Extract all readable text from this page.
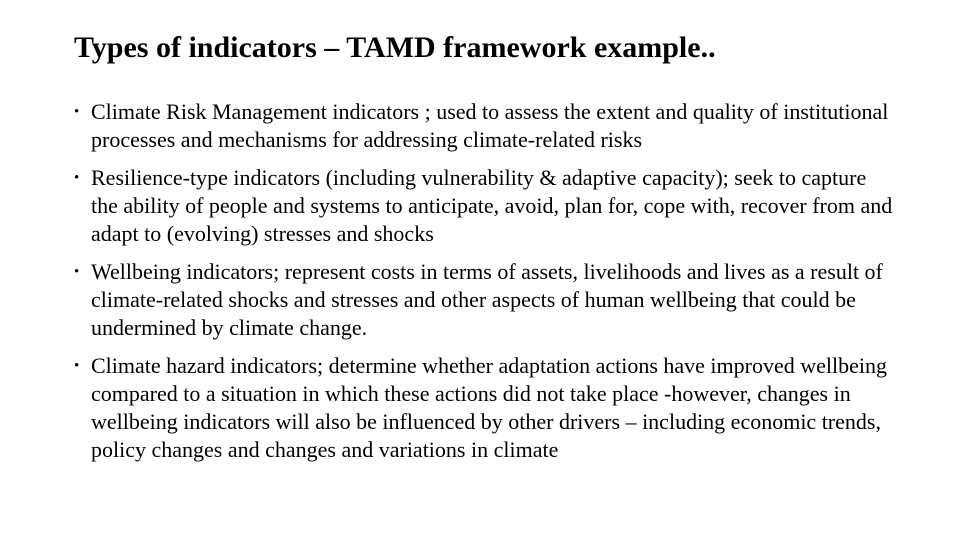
Types of indicators – TAMD framework example..
• Climate Risk Management indicators ; used to assess the extent and quality of institutional processes and mechanisms for addressing climate-related risks
• Resilience-type indicators (including vulnerability & adaptive capacity); seek to capture the ability of people and systems to anticipate, avoid, plan for, cope with, recover from and adapt to (evolving) stresses and shocks
• Wellbeing indicators; represent costs in terms of assets, livelihoods and lives as a result of climate-related shocks and stresses and other aspects of human wellbeing that could be undermined by climate change.
• Climate hazard indicators; determine whether adaptation actions have improved wellbeing compared to a situation in which these actions did not take place -however, changes in wellbeing indicators will also be influenced by other drivers – including economic trends, policy changes and changes and variations in climate
